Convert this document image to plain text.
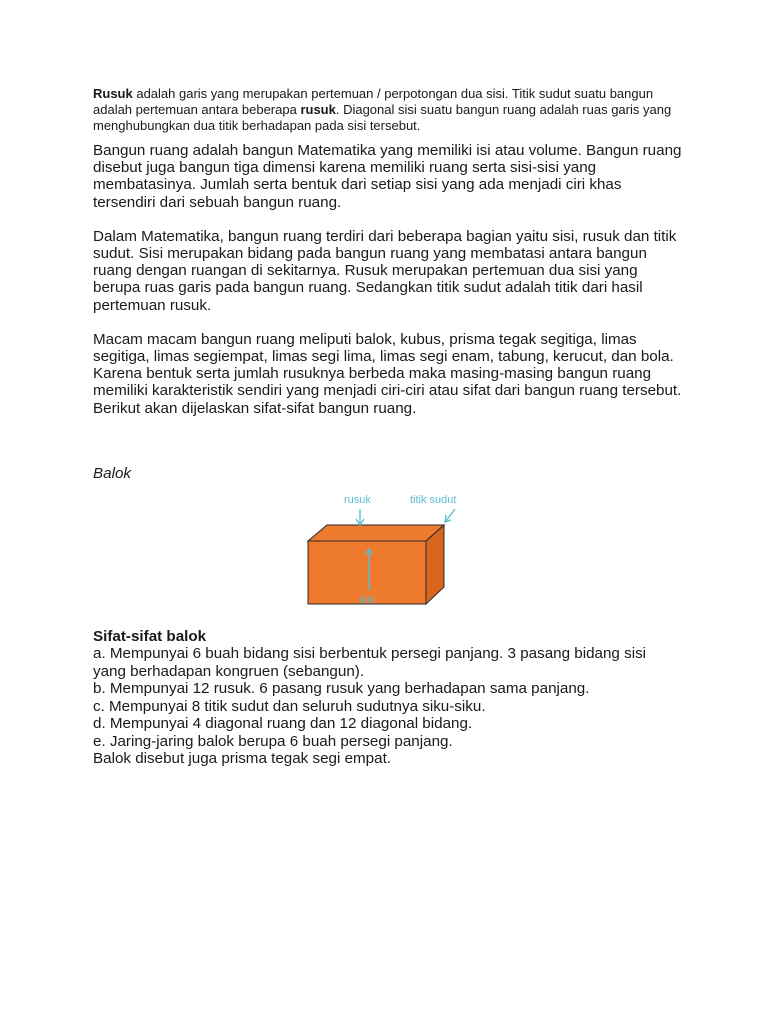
Rusuk adalah garis yang merupakan pertemuan / perpotongan dua sisi. Titik sudut suatu bangun adalah pertemuan antara beberapa rusuk. Diagonal sisi suatu bangun ruang adalah ruas garis yang menghubungkan dua titik berhadapan pada sisi tersebut.

Bangun ruang adalah bangun Matematika yang memiliki isi atau volume. Bangun ruang disebut juga bangun tiga dimensi karena memiliki ruang serta sisi-sisi yang membatasinya. Jumlah serta bentuk dari setiap sisi yang ada menjadi ciri khas tersendiri dari sebuah bangun ruang.

Dalam Matematika, bangun ruang terdiri dari beberapa bagian yaitu sisi, rusuk dan titik sudut. Sisi merupakan bidang pada bangun ruang yang membatasi antara bangun ruang dengan ruangan di sekitarnya. Rusuk merupakan pertemuan dua sisi yang berupa ruas garis pada bangun ruang. Sedangkan titik sudut adalah titik dari hasil pertemuan rusuk.

Macam macam bangun ruang meliputi balok, kubus, prisma tegak segitiga, limas segitiga, limas segiempat, limas segi lima, limas segi enam, tabung, kerucut, dan bola. Karena bentuk serta jumlah rusuknya berbeda maka masing-masing bangun ruang memiliki karakteristik sendiri yang menjadi ciri-ciri atau sifat dari bangun ruang tersebut. Berikut akan dijelaskan sifat-sifat bangun ruang.

Balok
rusuk	titik sudut
sisi
Sifat-sifat balok
a. Mempunyai 6 buah bidang sisi berbentuk persegi panjang. 3 pasang bidang sisi yang berhadapan kongruen (sebangun).
b. Mempunyai 12 rusuk. 6 pasang rusuk yang berhadapan sama panjang.
c. Mempunyai 8 titik sudut dan seluruh sudutnya siku-siku.
d. Mempunyai 4 diagonal ruang dan 12 diagonal bidang.
e. Jaring-jaring balok berupa 6 buah persegi panjang.
Balok disebut juga prisma tegak segi empat.
